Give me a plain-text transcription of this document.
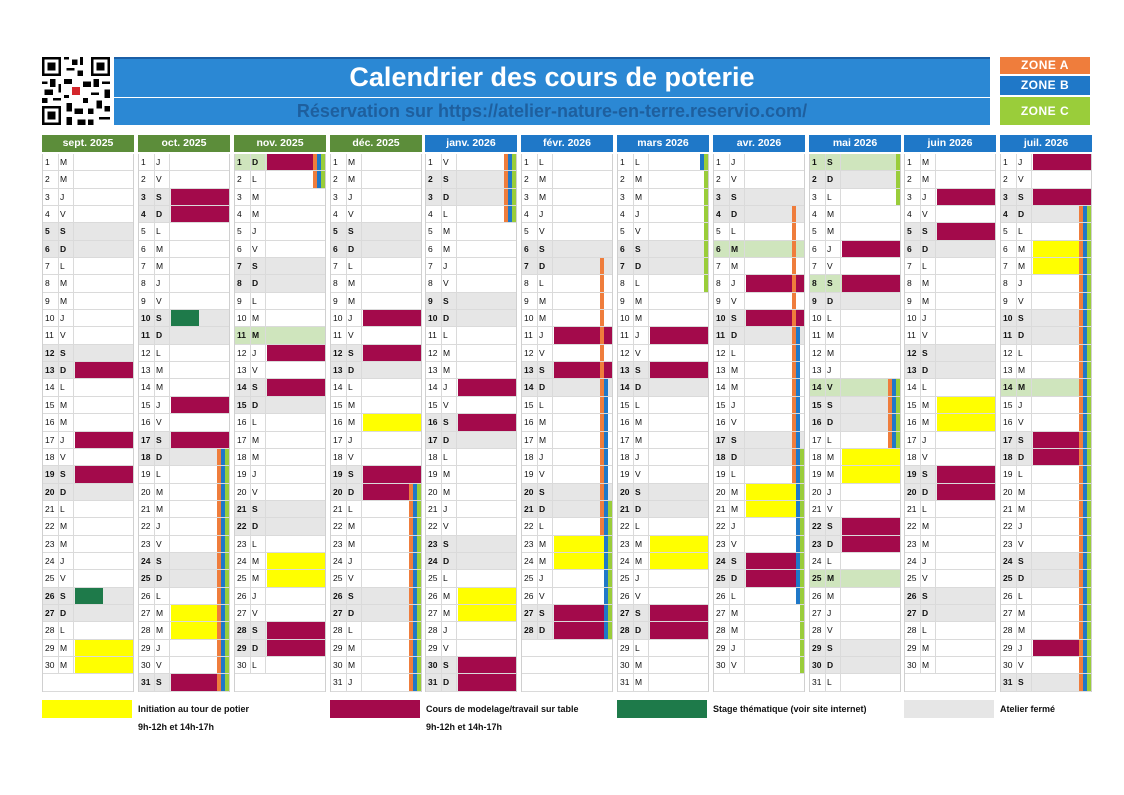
Calendrier des cours de poterie
Réservation sur https://atelier-nature-en-terre.reservio.com/
ZONE A
ZONE B
ZONE C
sept. 2025
1	M
2	M
3	J
4	V
5	S
6	D
7	L
8	M
9	M
10 J
11 V
12 S
13 D
14 L
15 M
16 M
17 J
18 V
19 S
20 D
21 L
22 M
23 M
24 J
25 V
26 S
27 D
28 L
29 M
30 M
oct. 2025
1	J
2	V
3	S
4	D
5	L
6	M
7	M
8	J
9	V
10 S
11 D
12 L
13 M
14 M
15 J
16 V
17 S
18 D
19 L
20 M
21 M
22 J
23 V
24 S
25 D
26 L
27 M
28 M
29 J
30 V
31 S
nov. 2025
1	D
2	L
3	M
4	M
5	J
6	V
7	S
8	D
9	L
10 M
11 M
12 J
13 V
14 S
15 D
16 L
17 M
18 M
19 J
20 V
21 S
22 D
23 L
24 M
25 M
26 J
27 V
28 S
29 D
30 L
déc. 2025
1	M
2	M
3	J
4	V
5	S
6	D
7	L
8	M
9	M
10 J
11 V
12 S
13 D
14 L
15 M
16 M
17 J
18 V
19 S
20 D
21 L
22 M
23 M
24 J
25 V
26 S
27 D
28 L
29 M
30 M
31 J
janv. 2026
1	V
2	S
3	D
4	L
5	M
6	M
7	J
8	V
9	S
10 D
11 L
12 M
13 M
14 J
15 V
16 S
17 D
18 L
19 M
20 M
21 J
22 V
23 S
24 D
25 L
26 M
27 M
28 J
29 V
30 S
31 D
févr. 2026
1	L
2	M
3	M
4	J
5	V
6	S
7	D
8	L
9	M
10 M
11 J
12 V
13 S
14 D
15 L
16 M
17 M
18 J
19 V
20 S
21 D
22 L
23 M
24 M
25 J
26 V
27 S
28 D
mars 2026
1	L
2	M
3	M
4	J
5	V
6	S
7	D
8	L
9	M
10 M
11 J
12 V
13 S
14 D
15 L
16 M
17 M
18 J
19 V
20 S
21 D
22 L
23 M
24 M
25 J
26 V
27 S
28 D
29 L
30 M
31 M
avr. 2026
1	J
2	V
3	S
4	D
5	L
6	M
7	M
8	J
9	V
10 S
11 D
12 L
13 M
14 M
15 J
16 V
17 S
18 D
19 L
20 M
21 M
22 J
23 V
24 S
25 D
26 L
27 M
28 M
29 J
30 V
mai 2026
1	S
2	D
3	L
4	M
5	M
6	J
7	V
8	S
9	D
10 L
11 M
12 M
13 J
14 V
15 S
16 D
17 L
18 M
19 M
20 J
21 V
22 S
23 D
24 L
25 M
26 M
27 J
28 V
29 S
30 D
31 L
juin 2026
1	M
2	M
3	J
4	V
5	S
6	D
7	L
8	M
9	M
10 J
11 V
12 S
13 D
14 L
15 M
16 M
17 J
18 V
19 S
20 D
21 L
22 M
23 M
24 J
25 V
26 S
27 D
28 L
29 M
30 M
juil. 2026
1	J
2	V
3	S
4	D
5	L
6	M
7	M
8	J
9	V
10 S
11 D
12 L
13 M
14 M
15 J
16 V
17 S
18 D
19 L
20 M
21 M
22 J
23 V
24 S
25 D
26 L
27 M
28 M
29 J
30 V
31 S
Initiation au tour de potier
9h-12h et 14h-17h
Cours de modelage/travail sur table
9h-12h et 14h-17h
Stage thématique (voir site internet)	Atelier fermé
